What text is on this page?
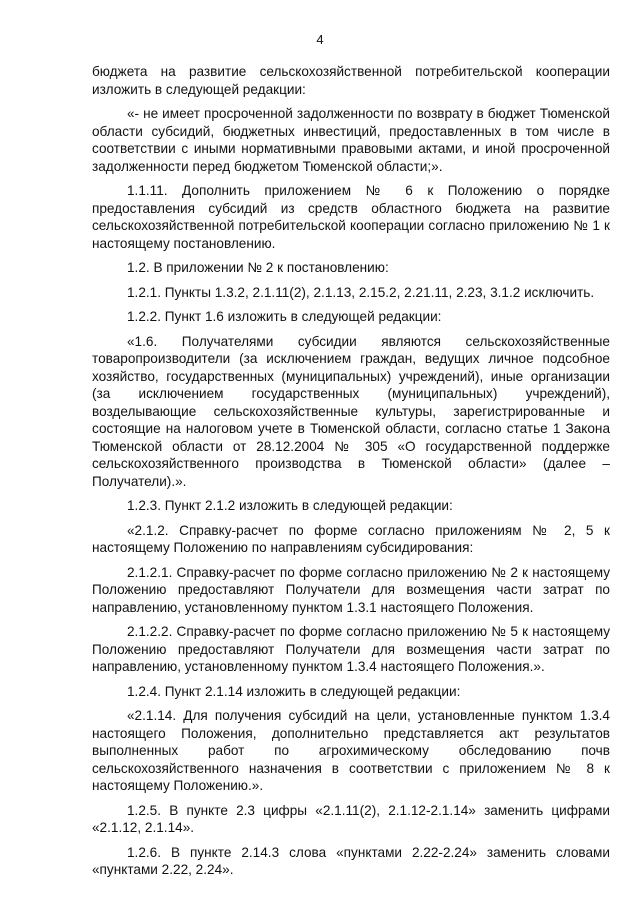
4

бюджета на развитие сельскохозяйственной потребительской кооперации изложить в следующей редакции:

«- не имеет просроченной задолженности по возврату в бюджет Тюменской области субсидий, бюджетных инвестиций, предоставленных в том числе в соответствии с иными нормативными правовыми актами, и иной просроченной задолженности перед бюджетом Тюменской области;».

1.1.11. Дополнить приложением № 6 к Положению о порядке предоставления субсидий из средств областного бюджета на развитие сельскохозяйственной потребительской кооперации согласно приложению № 1 к настоящему постановлению.

1.2. В приложении № 2 к постановлению:

1.2.1. Пункты 1.3.2, 2.1.11(2), 2.1.13, 2.15.2, 2.21.11, 2.23, 3.1.2 исключить.

1.2.2. Пункт 1.6 изложить в следующей редакции:

«1.6. Получателями субсидии являются сельскохозяйственные товаропроизводители (за исключением граждан, ведущих личное подсобное хозяйство, государственных (муниципальных) учреждений), иные организации (за исключением государственных (муниципальных) учреждений), возделывающие сельскохозяйственные культуры, зарегистрированные и состоящие на налоговом учете в Тюменской области, согласно статье 1 Закона Тюменской области от 28.12.2004 № 305 «О государственной поддержке сельскохозяйственного производства в Тюменской области» (далее – Получатели).».

1.2.3. Пункт 2.1.2 изложить в следующей редакции:

«2.1.2. Справку-расчет по форме согласно приложениям № 2, 5 к настоящему Положению по направлениям субсидирования:

2.1.2.1. Справку-расчет по форме согласно приложению № 2 к настоящему Положению предоставляют Получатели для возмещения части затрат по направлению, установленному пунктом 1.3.1 настоящего Положения.

2.1.2.2. Справку-расчет по форме согласно приложению № 5 к настоящему Положению предоставляют Получатели для возмещения части затрат по направлению, установленному пунктом 1.3.4 настоящего Положения.».

1.2.4. Пункт 2.1.14 изложить в следующей редакции:

«2.1.14. Для получения субсидий на цели, установленные пунктом 1.3.4 настоящего Положения, дополнительно представляется акт результатов выполненных работ по агрохимическому обследованию почв сельскохозяйственного назначения в соответствии с приложением № 8 к настоящему Положению.».

1.2.5. В пункте 2.3 цифры «2.1.11(2), 2.1.12-2.1.14» заменить цифрами «2.1.12, 2.1.14».

1.2.6. В пункте 2.14.3 слова «пунктами 2.22-2.24» заменить словами «пунктами 2.22, 2.24».
